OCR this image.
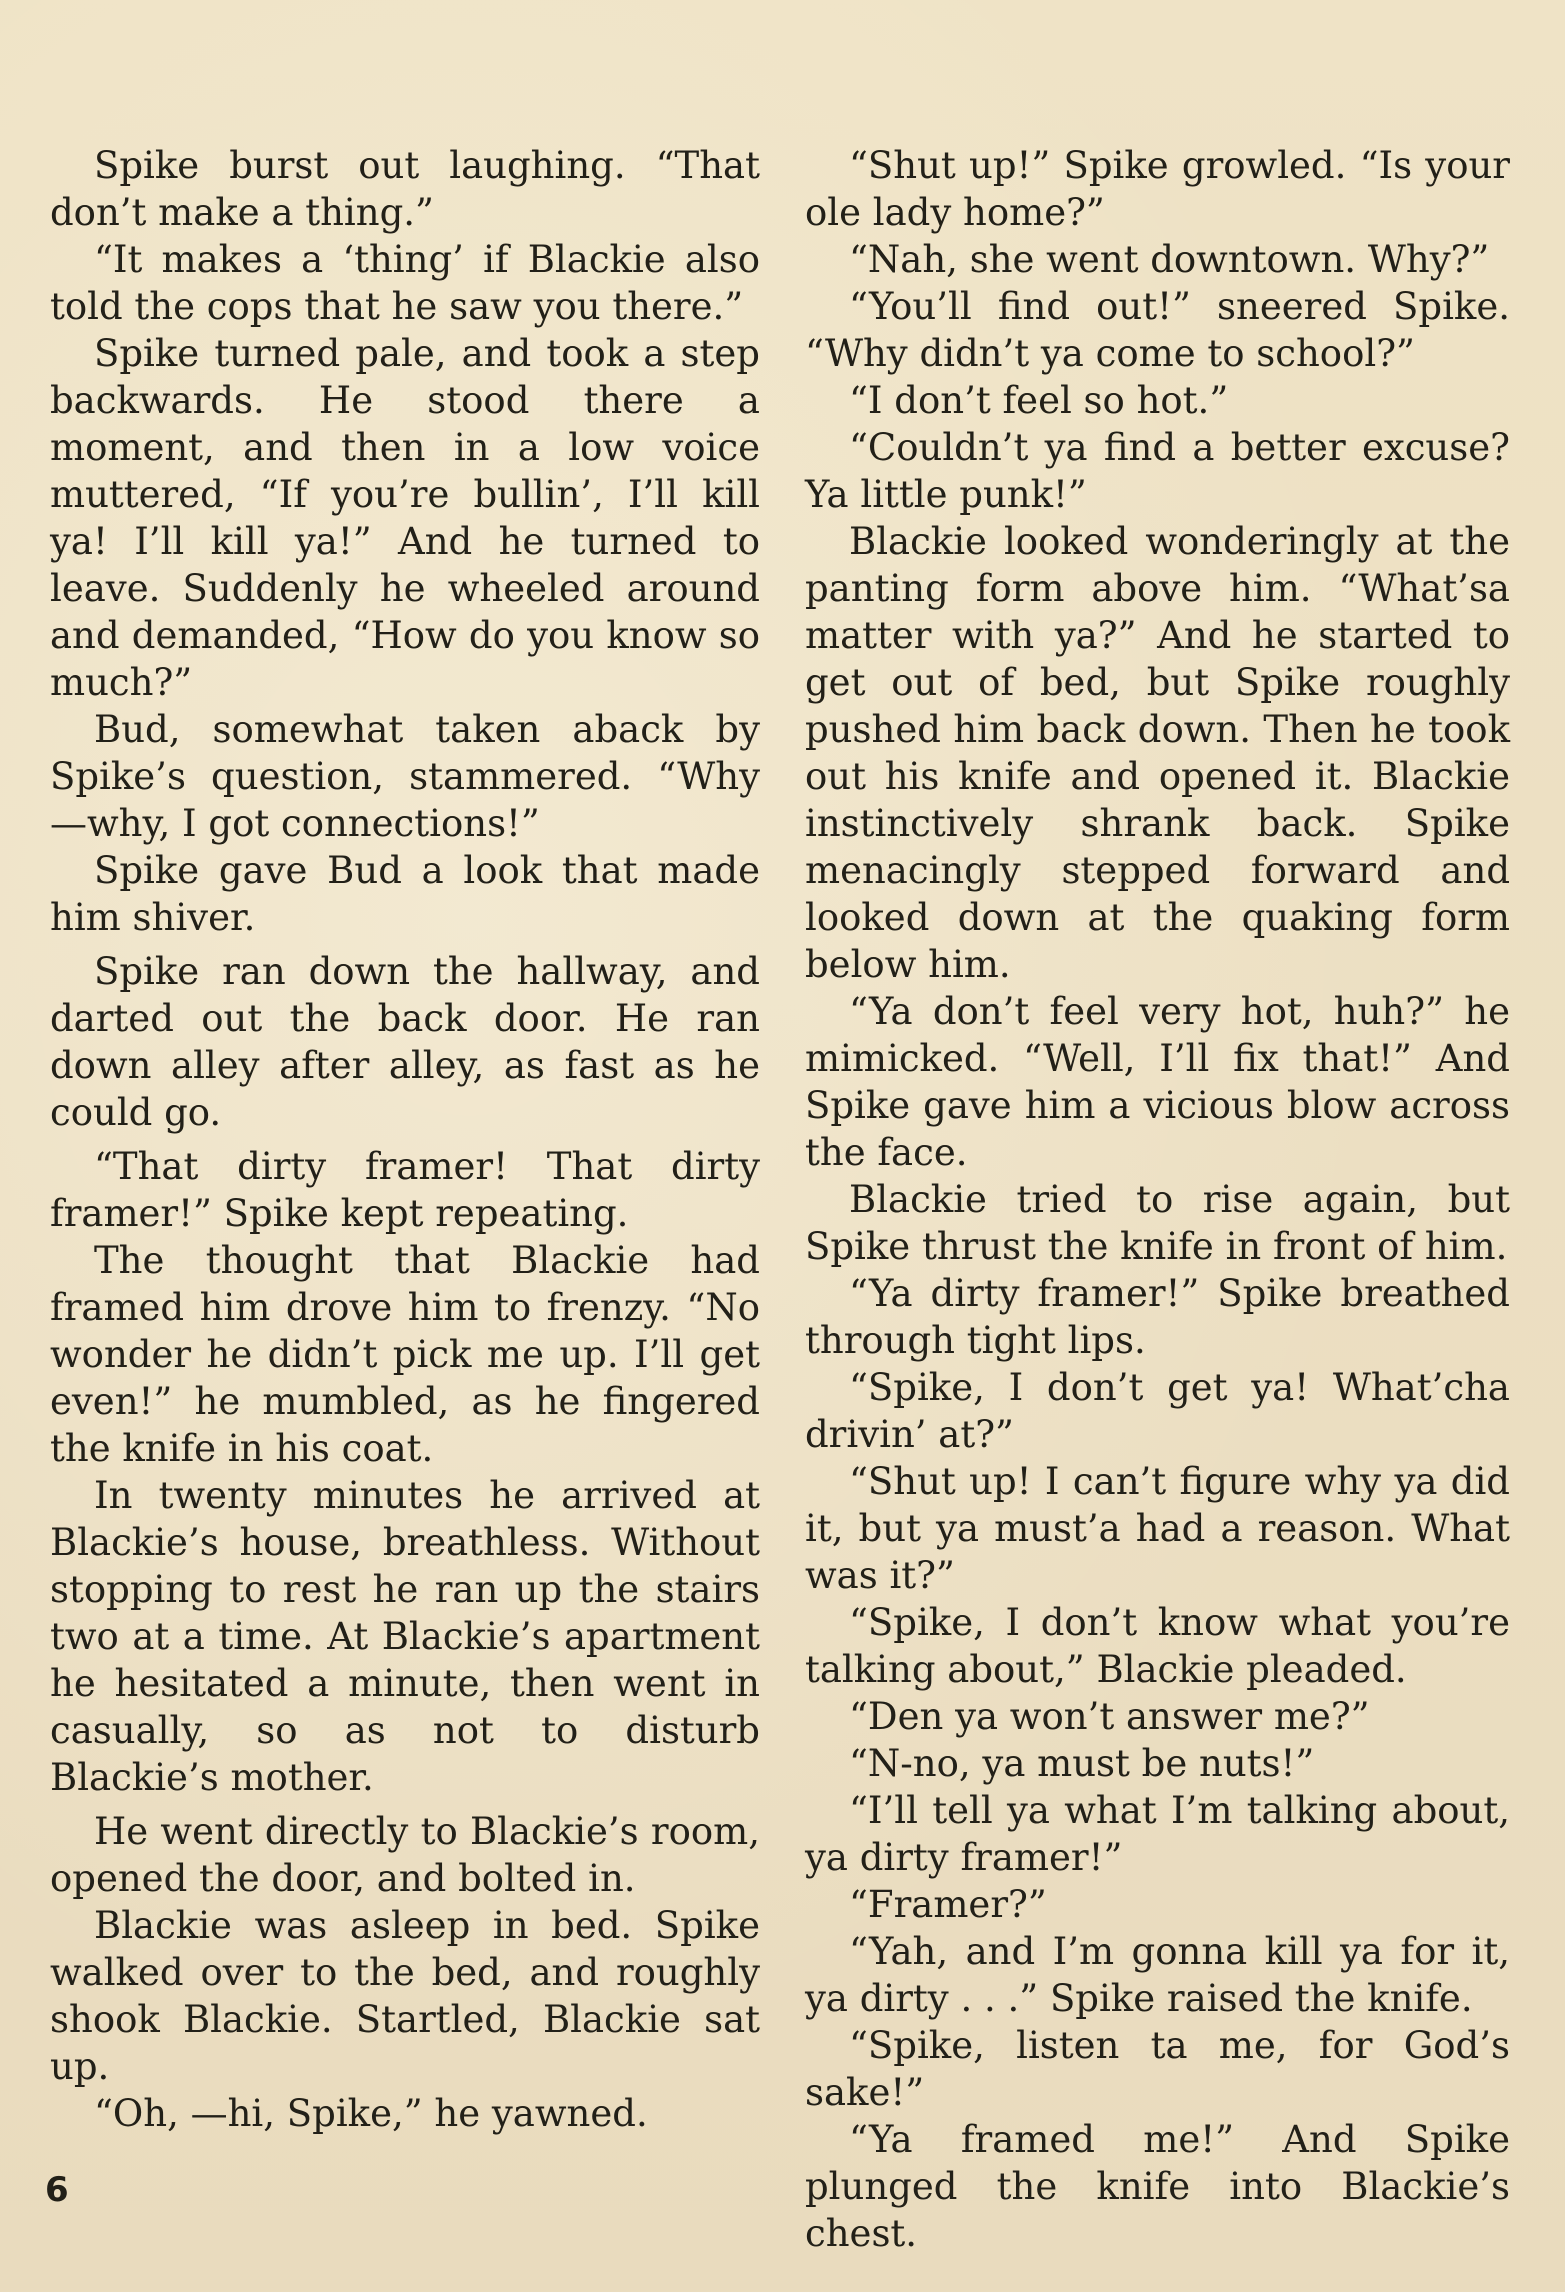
Spike burst out laughing. “That don’t make a thing.”

“It makes a ‘thing’ if Blackie also told the cops that he saw you there.”

Spike turned pale, and took a step backwards. He stood there a moment, and then in a low voice muttered, “If you’re bullin’, I’ll kill ya! I’ll kill ya!” And he turned to leave. Suddenly he wheeled around and demanded, “How do you know so much?”

Bud, somewhat taken aback by Spike’s question, stammered. “Why —why, I got connections!”

Spike gave Bud a look that made him shiver.

Spike ran down the hallway, and darted out the back door. He ran down alley after alley, as fast as he could go.

“That dirty framer! That dirty framer!” Spike kept repeating.

The thought that Blackie had framed him drove him to frenzy. “No wonder he didn’t pick me up. I’ll get even!” he mumbled, as he fingered the knife in his coat.

In twenty minutes he arrived at Blackie’s house, breathless. Without stopping to rest he ran up the stairs two at a time. At Blackie’s apartment he hesitated a minute, then went in casually, so as not to disturb Blackie’s mother.

He went directly to Blackie’s room, opened the door, and bolted in.

Blackie was asleep in bed. Spike walked over to the bed, and roughly shook Blackie. Startled, Blackie sat up.

“Oh, —hi, Spike,” he yawned.

“Shut up!” Spike growled. “Is your ole lady home?”

“Nah, she went downtown. Why?”

“You’ll find out!” sneered Spike. “Why didn’t ya come to school?”

“I don’t feel so hot.”

“Couldn’t ya find a better excuse? Ya little punk!”

Blackie looked wonderingly at the panting form above him. “What’sa matter with ya?” And he started to get out of bed, but Spike roughly pushed him back down. Then he took out his knife and opened it. Blackie instinctively shrank back. Spike menacingly stepped forward and looked down at the quaking form below him.

“Ya don’t feel very hot, huh?” he mimicked. “Well, I’ll fix that!” And Spike gave him a vicious blow across the face.

Blackie tried to rise again, but Spike thrust the knife in front of him.

“Ya dirty framer!” Spike breathed through tight lips.

“Spike, I don’t get ya! What’cha drivin’ at?”

“Shut up! I can’t figure why ya did it, but ya must’a had a reason. What was it?”

“Spike, I don’t know what you’re talking about,” Blackie pleaded.

“Den ya won’t answer me?”

“N-no, ya must be nuts!”

“I’ll tell ya what I’m talking about, ya dirty framer!”

“Framer?”

“Yah, and I’m gonna kill ya for it, ya dirty . . .” Spike raised the knife.

“Spike, listen ta me, for God’s sake!”

“Ya framed me!” And Spike plunged the knife into Blackie’s chest.

6
